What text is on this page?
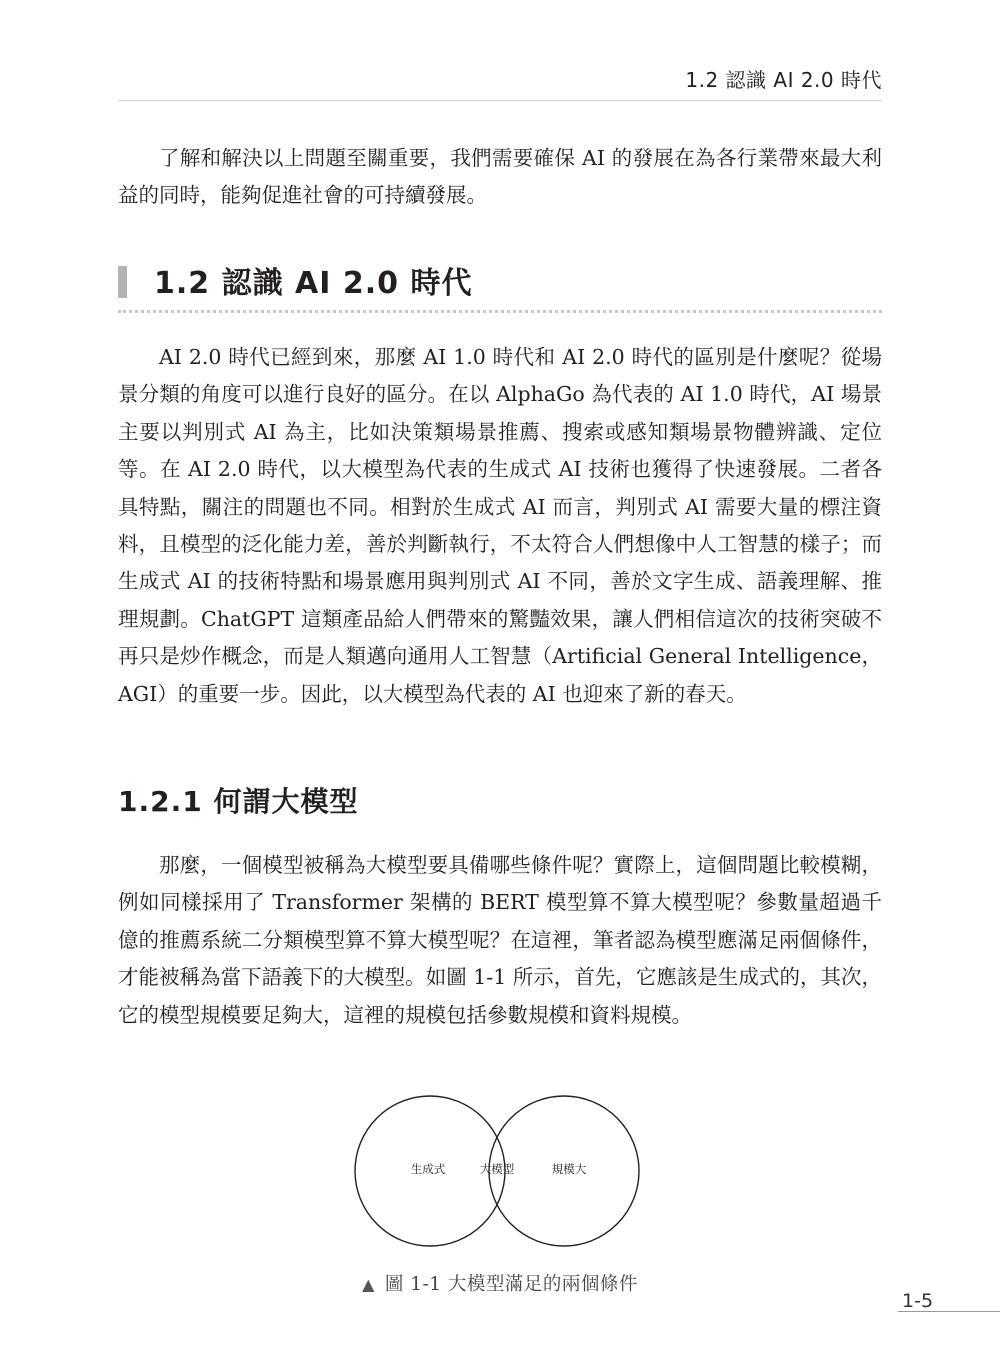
1.2 認識 AI 2.0 時代

了解和解決以上問題至關重要，我們需要確保 AI 的發展在為各行業帶來最大利益的同時，能夠促進社會的可持續發展。

1.2 認識 AI 2.0 時代

AI 2.0 時代已經到來，那麼 AI 1.0 時代和 AI 2.0 時代的區別是什麼呢？從場景分類的角度可以進行良好的區分。在以 AlphaGo 為代表的 AI 1.0 時代，AI 場景主要以判別式 AI 為主，比如決策類場景推薦、搜索或感知類場景物體辨識、定位等。在 AI 2.0 時代，以大模型為代表的生成式 AI 技術也獲得了快速發展。二者各具特點，關注的問題也不同。相對於生成式 AI 而言，判別式 AI 需要大量的標注資料，且模型的泛化能力差，善於判斷執行，不太符合人們想像中人工智慧的樣子；而生成式 AI 的技術特點和場景應用與判別式 AI 不同，善於文字生成、語義理解、推理規劃。ChatGPT 這類產品給人們帶來的驚豔效果，讓人們相信這次的技術突破不再只是炒作概念，而是人類邁向通用人工智慧（Artificial General Intelligence，AGI）的重要一步。因此，以大模型為代表的 AI 也迎來了新的春天。

1.2.1 何謂大模型

那麼，一個模型被稱為大模型要具備哪些條件呢？實際上，這個問題比較模糊，例如同樣採用了 Transformer 架構的 BERT 模型算不算大模型呢？參數量超過千億的推薦系統二分類模型算不算大模型呢？在這裡，筆者認為模型應滿足兩個條件，才能被稱為當下語義下的大模型。如圖 1-1 所示，首先，它應該是生成式的，其次，它的模型規模要足夠大，這裡的規模包括參數規模和資料規模。

生成式	大模型	規模大
▲ 圖 1-1 大模型滿足的兩個條件
1-5
